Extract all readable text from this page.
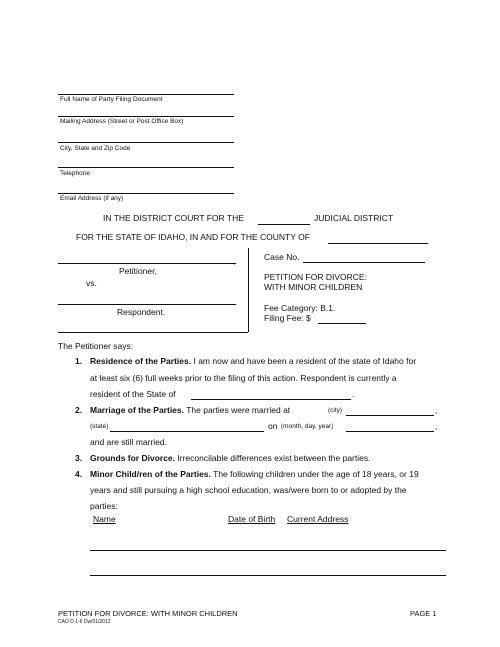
Full Name of Party Filing Document
Mailing Address (Street or Post Office Box)
City, State and Zip Code
Telephone
Email Address (if any)
IN THE DISTRICT COURT FOR THE	JUDICIAL DISTRICT
FOR THE STATE OF IDAHO, IN AND FOR THE COUNTY OF
,
Petitioner,
vs.
Respondent.
Case No.
PETITION FOR DIVORCE:
WITH MINOR CHILDREN
Fee Category: B.1.
Filing Fee: $
The Petitioner says:
1. Residence of the Parties. I am now and have been a resident of the state of Idaho for
at least six (6) full weeks prior to the filing of this action. Respondent is currently a
resident of the State of	.
2. Marriage of the Parties. The parties were married at	(city)	,
(state)	on (month, day, year)	,
and are still married.
3. Grounds for Divorce. Irreconcilable differences exist between the parties.
4. Minor Child/ren of the Parties. The following children under the age of 18 years, or 19
years and still pursuing a high school education, was/were born to or adopted by the
parties:
Name	Date of Birth Current Address
PETITION FOR DIVORCE: WITH MINOR CHILDREN
CAO D 1-6 Dw/01/2012
PAGE 1
